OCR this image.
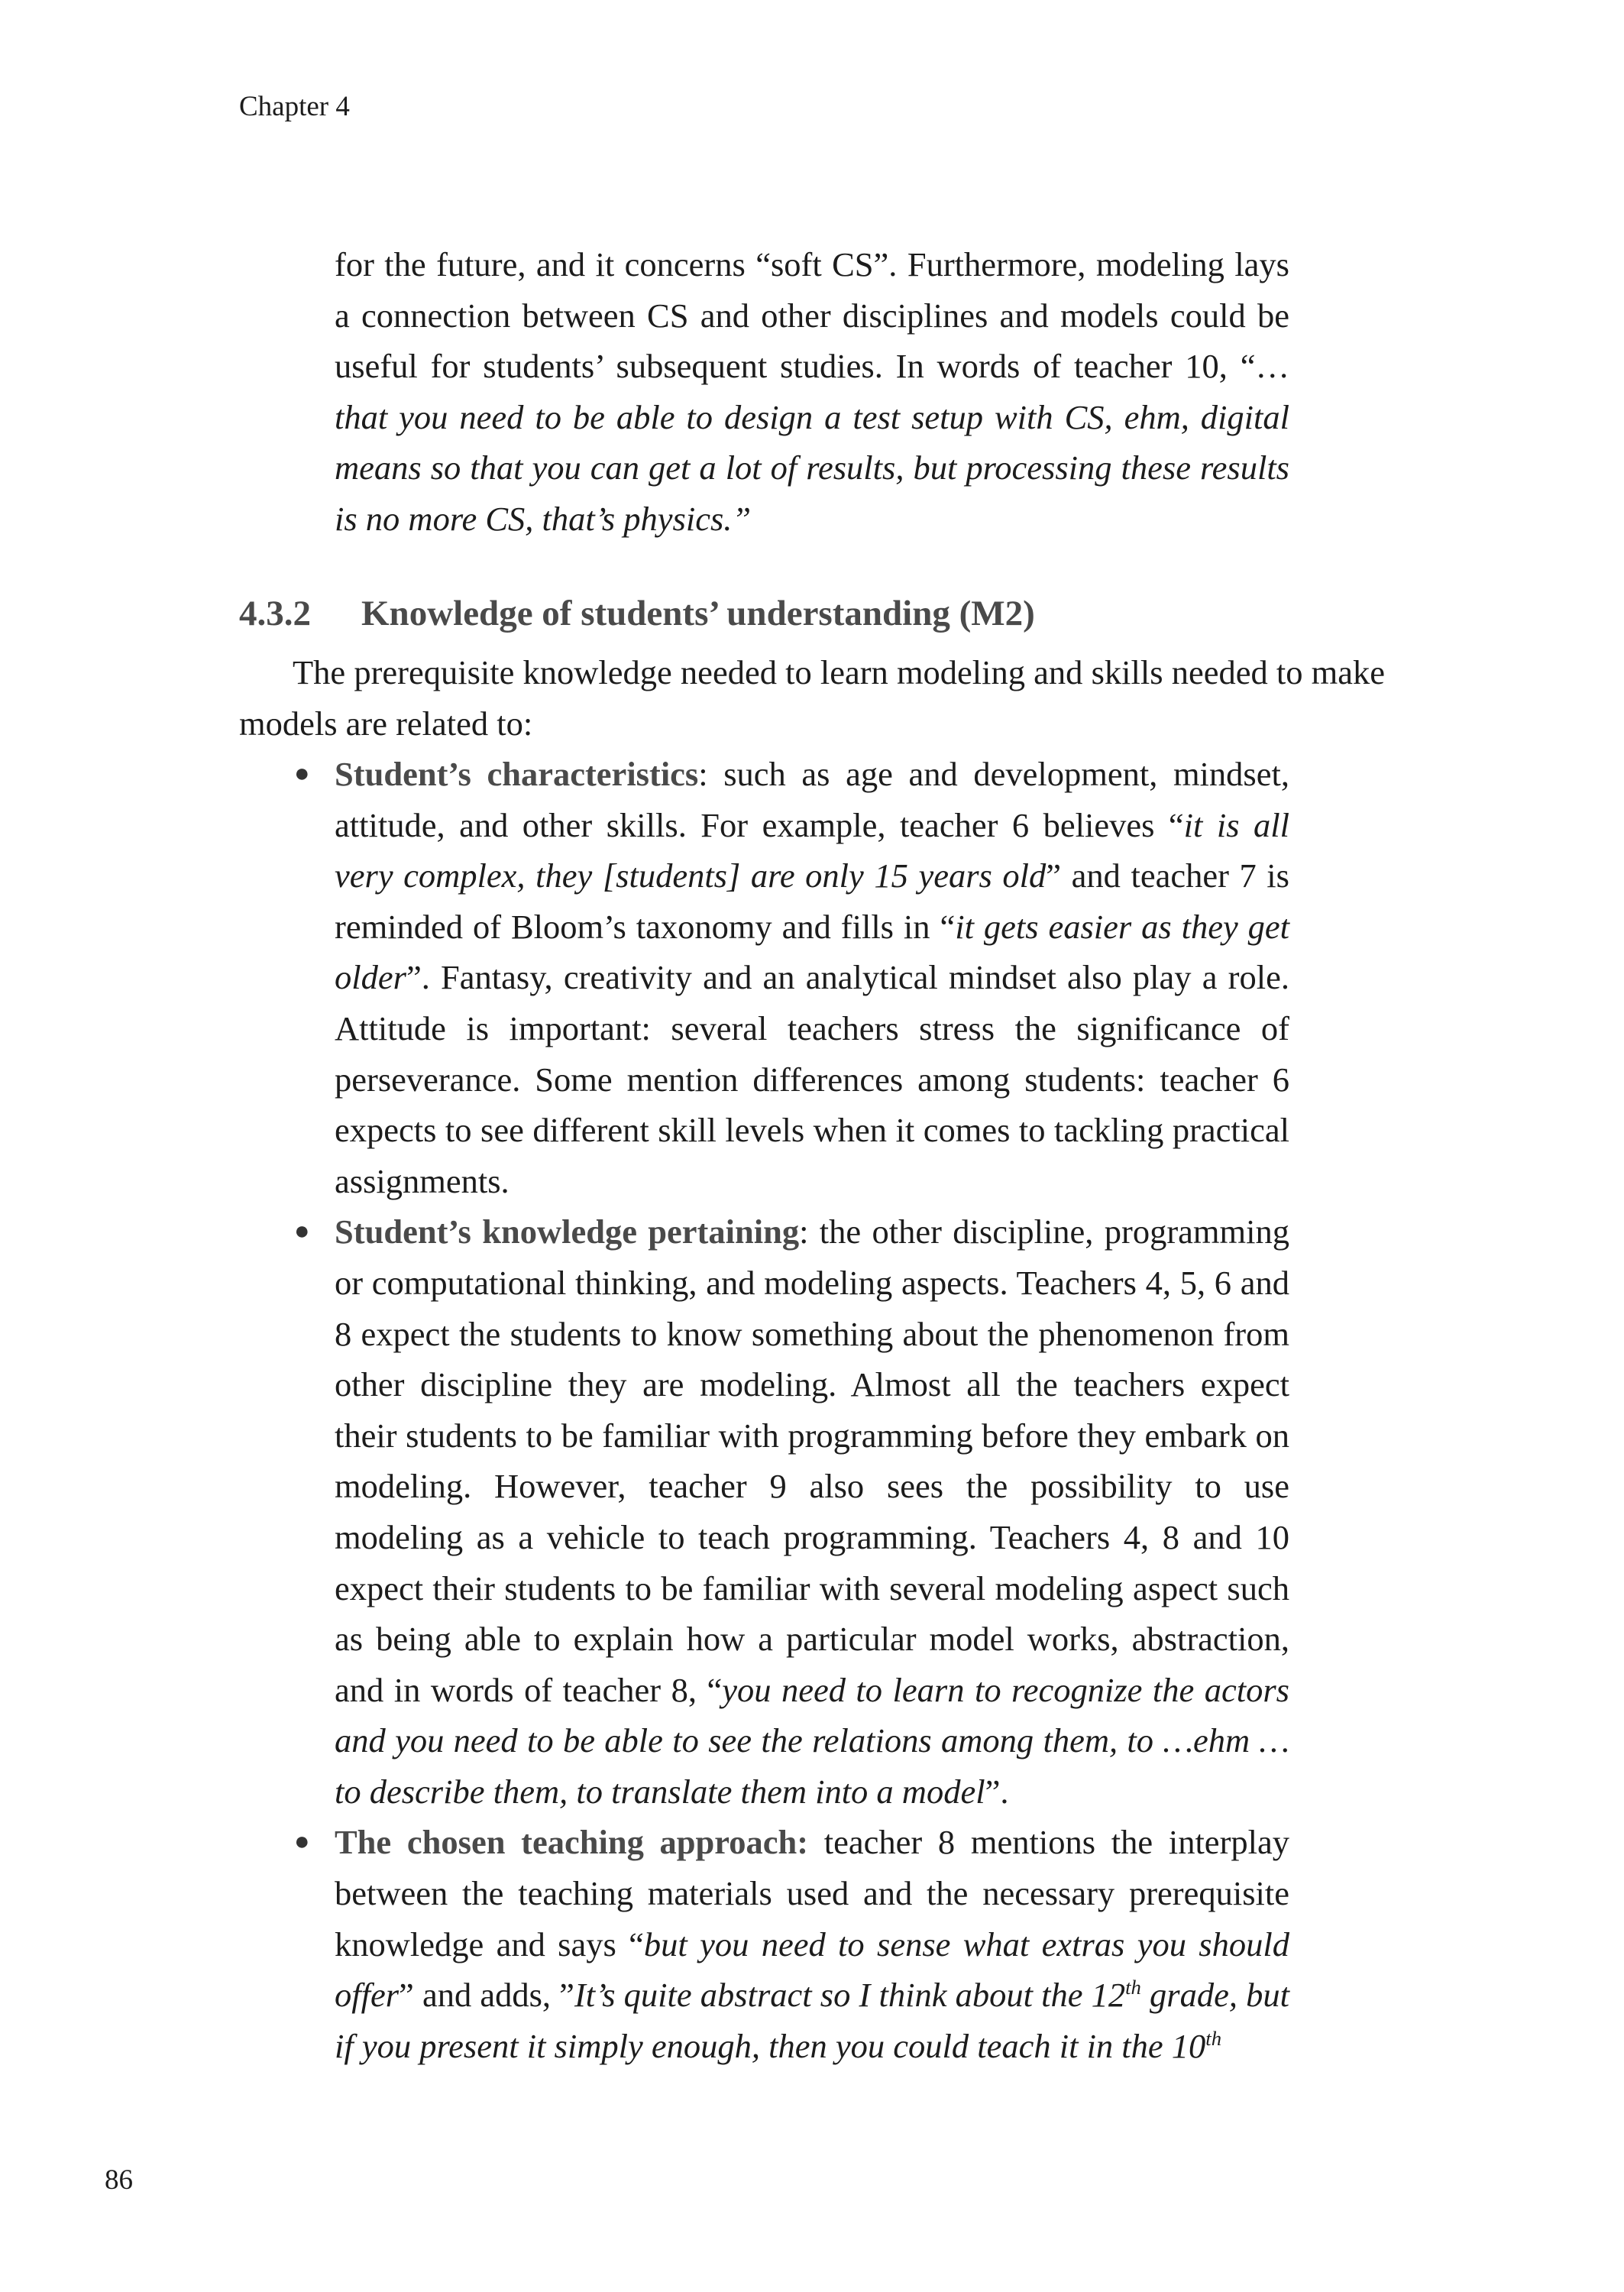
Chapter 4
for the future, and it concerns “soft CS”. Furthermore, modeling lays a connection between CS and other disciplines and models could be useful for students’ subsequent studies. In words of teacher 10, “… that you need to be able to design a test setup with CS, ehm, digital means so that you can get a lot of results, but processing these results is no more CS, that’s physics.”
4.3.2 Knowledge of students’ understanding (M2)
The prerequisite knowledge needed to learn modeling and skills needed to make models are related to:
● Student’s characteristics: such as age and development, mindset, attitude, and other skills. For example, teacher 6 believes “it is all very complex, they [students] are only 15 years old” and teacher 7 is reminded of Bloom’s taxonomy and fills in “it gets easier as they get older”. Fantasy, creativity and an analytical mindset also play a role. Attitude is important: several teachers stress the significance of perseverance. Some mention differences among students: teacher 6 expects to see different skill levels when it comes to tackling practical assignments.
● Student’s knowledge pertaining: the other discipline, programming or computational thinking, and modeling aspects. Teachers 4, 5, 6 and 8 expect the students to know something about the phenomenon from other discipline they are modeling. Almost all the teachers expect their students to be familiar with programming before they embark on modeling. However, teacher 9 also sees the possibility to use modeling as a vehicle to teach programming. Teachers 4, 8 and 10 expect their students to be familiar with several modeling aspect such as being able to explain how a particular model works, abstraction, and in words of teacher 8, “you need to learn to recognize the actors and you need to be able to see the relations among them, to …ehm … to describe them, to translate them into a model”.
● The chosen teaching approach: teacher 8 mentions the interplay between the teaching materials used and the necessary prerequisite knowledge and says “but you need to sense what extras you should offer” and adds, ”It’s quite abstract so I think about the 12th grade, but if you present it simply enough, then you could teach it in the 10th
86
